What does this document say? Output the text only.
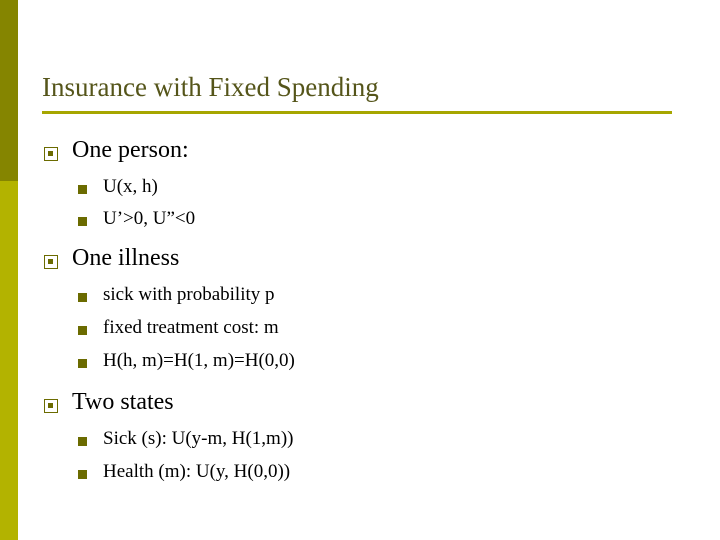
Insurance with Fixed Spending
One person:
U(x, h)
U’>0, U”<0
One illness
sick with probability p
fixed treatment cost: m
H(h, m)=H(1, m)=H(0,0)
Two states
Sick (s): U(y-m, H(1,m))
Health (m): U(y, H(0,0))
